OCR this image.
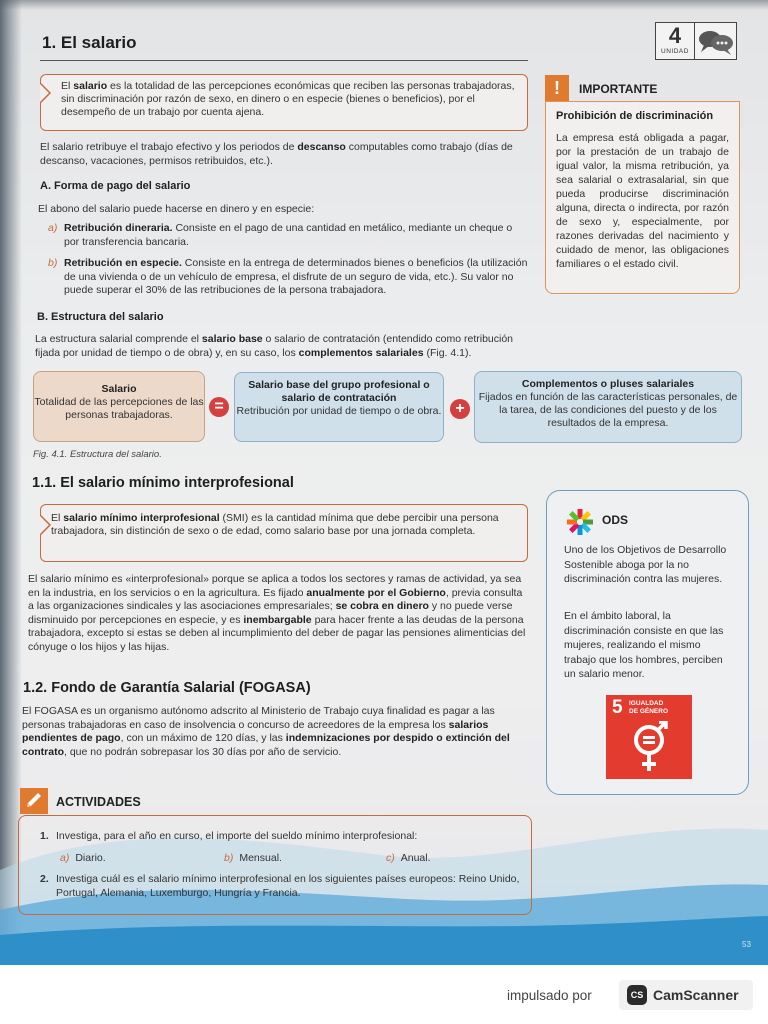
1. El salario	4
UNIDAD
El salario es la totalidad de las percepciones económicas que reciben las personas trabajadoras, sin discriminación por razón de sexo, en dinero o en especie (bienes o beneficios), por el desempeño de un trabajo por cuenta ajena.
El salario retribuye el trabajo efectivo y los periodos de descanso computables como trabajo (días de descanso, vacaciones, permisos retribuidos, etc.).
A. Forma de pago del salario
El abono del salario puede hacerse en dinero y en especie:
a) Retribución dineraria. Consiste en el pago de una cantidad en metálico, mediante un cheque o por transferencia bancaria.
b) Retribución en especie. Consiste en la entrega de determinados bienes o beneficios (la utilización de una vivienda o de un vehículo de empresa, el disfrute de un seguro de vida, etc.). Su valor no puede superar el 30% de las retribuciones de la persona trabajadora.
B. Estructura del salario
La estructura salarial comprende el salario base o salario de contratación (entendido como retribución fijada por unidad de tiempo o de obra) y, en su caso, los complementos salariales (Fig. 4.1).
Salario
Totalidad de las percepciones de las personas trabajadoras.	=
Salario base del grupo profesional o salario de contratación
Retribución por unidad de tiempo o de obra. +
Complementos o pluses salariales
Fijados en función de las características personales, de la tarea, de las condiciones del puesto y de los resultados de la empresa.
Fig. 4.1. Estructura del salario.
1.1. El salario mínimo interprofesional
El salario mínimo interprofesional (SMI) es la cantidad mínima que debe percibir una persona trabajadora, sin distinción de sexo o de edad, como salario base por una jornada completa.
El salario mínimo es «interprofesional» porque se aplica a todos los sectores y ramas de actividad, ya sea en la industria, en los servicios o en la agricultura. Es fijado anualmente por el Gobierno, previa consulta a las organizaciones sindicales y las asociaciones empresariales; se cobra en dinero y no puede verse disminuido por percepciones en especie, y es inembargable para hacer frente a las deudas de la persona trabajadora, excepto si estas se deben al incumplimiento del deber de pagar las pensiones alimenticias del cónyuge o los hijos y las hijas.
1.2. Fondo de Garantía Salarial (FOGASA)
El FOGASA es un organismo autónomo adscrito al Ministerio de Trabajo cuya finalidad es pagar a las personas trabajadoras en caso de insolvencia o concurso de acreedores de la empresa los salarios pendientes de pago, con un máximo de 120 días, y las indemnizaciones por despido o extinción del contrato, que no podrán sobrepasar los 30 días por año de servicio.
!	IMPORTANTE
Prohibición de discriminación
La empresa está obligada a pagar, por la prestación de un trabajo de igual valor, la misma retribución, ya sea salarial o extrasalarial, sin que pueda producirse discriminación alguna, directa o indirecta, por razón de sexo y, especialmente, por razones derivadas del nacimiento y cuidado de menor, las obligaciones familiares o el estado civil.
ODS
Uno de los Objetivos de Desarrollo Sostenible aboga por la no discriminación contra las mujeres.
En el ámbito laboral, la discriminación consiste en que las mujeres, realizando el mismo trabajo que los hombres, perciben un salario menor.
5 IGUALDAD
DE GÉNERO
ACTIVIDADES
1. Investiga, para el año en curso, el importe del sueldo mínimo interprofesional:
a) Diario.	b) Mensual.	c) Anual.
2. Investiga cuál es el salario mínimo interprofesional en los siguientes países europeos: Reino Unido, Portugal, Alemania, Luxemburgo, Hungría y Francia.
53
impulsado por	CS CamScanner
